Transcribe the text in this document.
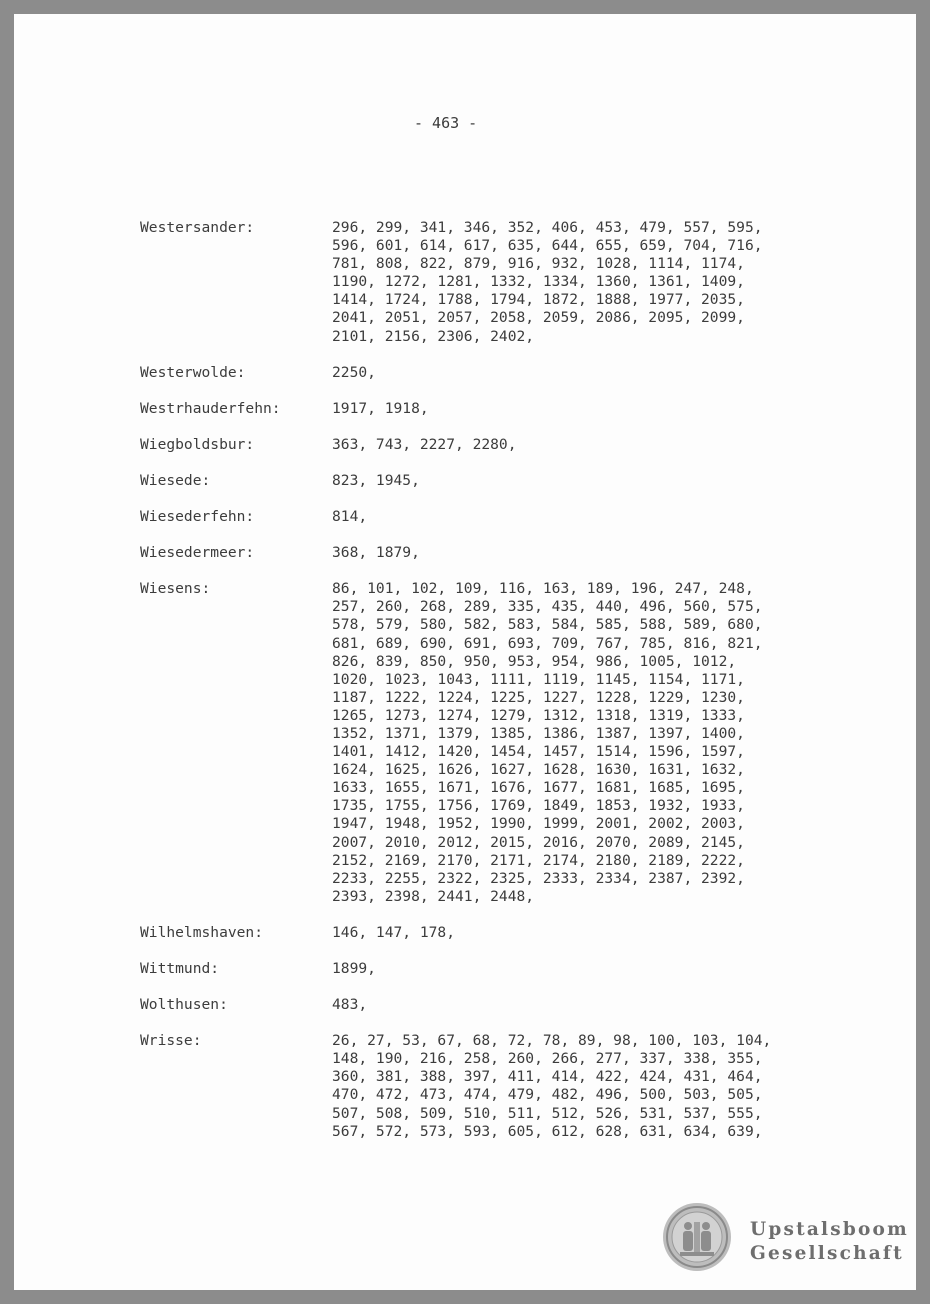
- 463 -
Westersander:	296, 299, 341, 346, 352, 406, 453, 479, 557, 595,
596, 601, 614, 617, 635, 644, 655, 659, 704, 716,
781, 808, 822, 879, 916, 932, 1028, 1114, 1174,
1190, 1272, 1281, 1332, 1334, 1360, 1361, 1409,
1414, 1724, 1788, 1794, 1872, 1888, 1977, 2035,
2041, 2051, 2057, 2058, 2059, 2086, 2095, 2099,
2101, 2156, 2306, 2402,
Westerwolde:	2250,
Westrhauderfehn:	1917, 1918,
Wiegboldsbur:	363, 743, 2227, 2280,
Wiesede:	823, 1945,
Wiesederfehn:	814,
Wiesedermeer:	368, 1879,
Wiesens:	86, 101, 102, 109, 116, 163, 189, 196, 247, 248,
257, 260, 268, 289, 335, 435, 440, 496, 560, 575,
578, 579, 580, 582, 583, 584, 585, 588, 589, 680,
681, 689, 690, 691, 693, 709, 767, 785, 816, 821,
826, 839, 850, 950, 953, 954, 986, 1005, 1012,
1020, 1023, 1043, 1111, 1119, 1145, 1154, 1171,
1187, 1222, 1224, 1225, 1227, 1228, 1229, 1230,
1265, 1273, 1274, 1279, 1312, 1318, 1319, 1333,
1352, 1371, 1379, 1385, 1386, 1387, 1397, 1400,
1401, 1412, 1420, 1454, 1457, 1514, 1596, 1597,
1624, 1625, 1626, 1627, 1628, 1630, 1631, 1632,
1633, 1655, 1671, 1676, 1677, 1681, 1685, 1695,
1735, 1755, 1756, 1769, 1849, 1853, 1932, 1933,
1947, 1948, 1952, 1990, 1999, 2001, 2002, 2003,
2007, 2010, 2012, 2015, 2016, 2070, 2089, 2145,
2152, 2169, 2170, 2171, 2174, 2180, 2189, 2222,
2233, 2255, 2322, 2325, 2333, 2334, 2387, 2392,
2393, 2398, 2441, 2448,
Wilhelmshaven:	146, 147, 178,
Wittmund:	1899,
Wolthusen:	483,
Wrisse:	26, 27, 53, 67, 68, 72, 78, 89, 98, 100, 103, 104,
148, 190, 216, 258, 260, 266, 277, 337, 338, 355,
360, 381, 388, 397, 411, 414, 422, 424, 431, 464,
470, 472, 473, 474, 479, 482, 496, 500, 503, 505,
507, 508, 509, 510, 511, 512, 526, 531, 537, 555,
567, 572, 573, 593, 605, 612, 628, 631, 634, 639,
Upstalsboom
Gesellschaft
